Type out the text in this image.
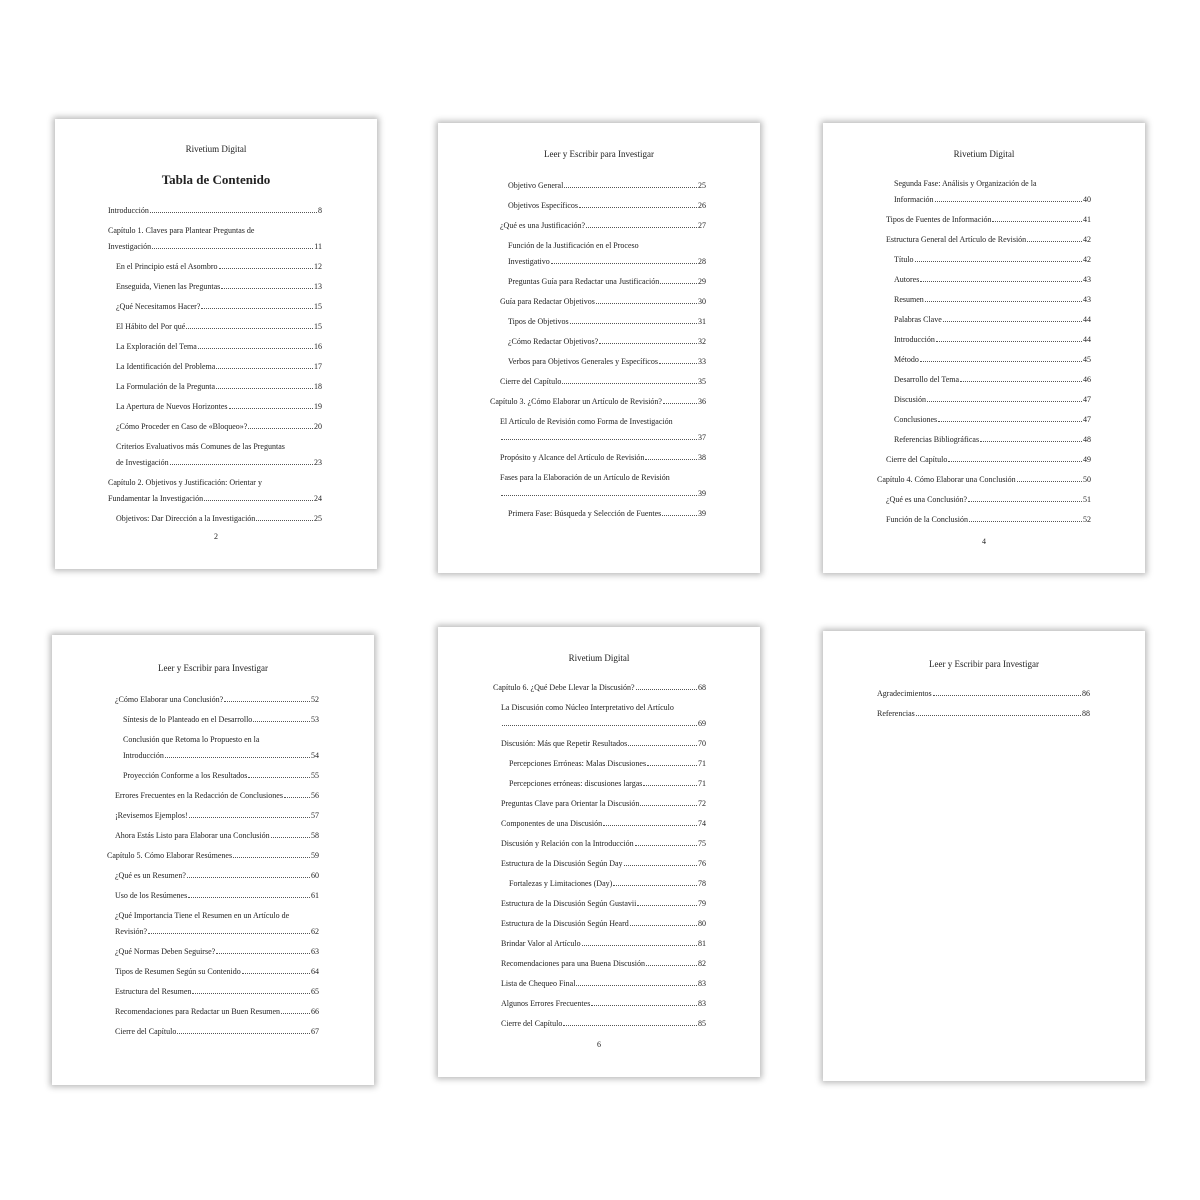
Rivetium Digital
Tabla de Contenido
Introducción	8
Capítulo 1. Claves para Plantear Preguntas de
Investigación	11
En el Principio está el Asombro	12
Enseguida, Vienen las Preguntas	13
¿Qué Necesitamos Hacer?	15
El Hábito del Por qué	15
La Exploración del Tema	16
La Identificación del Problema	17
La Formulación de la Pregunta	18
La Apertura de Nuevos Horizontes	19
¿Cómo Proceder en Caso de «Bloqueo»?	20
Criterios Evaluativos más Comunes de las Preguntas
de Investigación	23
Capítulo 2. Objetivos y Justificación: Orientar y
Fundamentar la Investigación	24
Objetivos: Dar Dirección a la Investigación	25
2
Leer y Escribir para Investigar
Objetivo General	25
Objetivos Específicos	26
¿Qué es una Justificación?	27
Función de la Justificación en el Proceso
Investigativo	28
Preguntas Guía para Redactar una Justificación	29
Guía para Redactar Objetivos	30
Tipos de Objetivos	31
¿Cómo Redactar Objetivos?	32
Verbos para Objetivos Generales y Específicos	33
Cierre del Capítulo	35
Capítulo 3. ¿Cómo Elaborar un Artículo de Revisión?	36
El Artículo de Revisión como Forma de Investigación
37
Propósito y Alcance del Artículo de Revisión	38
Fases para la Elaboración de un Artículo de Revisión
39
Primera Fase: Búsqueda y Selección de Fuentes	39
Rivetium Digital
Segunda Fase: Análisis y Organización de la
Información	40
Tipos de Fuentes de Información	41
Estructura General del Artículo de Revisión	42
Título	42
Autores	43
Resumen	43
Palabras Clave	44
Introducción	44
Método	45
Desarrollo del Tema	46
Discusión	47
Conclusiones	47
Referencias Bibliográficas	48
Cierre del Capítulo	49
Capítulo 4. Cómo Elaborar una Conclusión	50
¿Qué es una Conclusión?	51
Función de la Conclusión	52
4
Leer y Escribir para Investigar
¿Cómo Elaborar una Conclusión?	52
Síntesis de lo Planteado en el Desarrollo	53
Conclusión que Retoma lo Propuesto en la
Introducción	54
Proyección Conforme a los Resultados	55
Errores Frecuentes en la Redacción de Conclusiones	56
¡Revisemos Ejemplos!	57
Ahora Estás Listo para Elaborar una Conclusión	58
Capítulo 5. Cómo Elaborar Resúmenes	59
¿Qué es un Resumen?	60
Uso de los Resúmenes	61
¿Qué Importancia Tiene el Resumen en un Artículo de
Revisión?	62
¿Qué Normas Deben Seguirse?	63
Tipos de Resumen Según su Contenido	64
Estructura del Resumen	65
Recomendaciones para Redactar un Buen Resumen	66
Cierre del Capítulo	67
Rivetium Digital
Capítulo 6. ¿Qué Debe Llevar la Discusión?	68
La Discusión como Núcleo Interpretativo del Artículo
69
Discusión: Más que Repetir Resultados	70
Percepciones Erróneas: Malas Discusiones	71
Percepciones erróneas: discusiones largas	71
Preguntas Clave para Orientar la Discusión	72
Componentes de una Discusión	74
Discusión y Relación con la Introducción	75
Estructura de la Discusión Según Day	76
Fortalezas y Limitaciones (Day)	78
Estructura de la Discusión Según Gustavii	79
Estructura de la Discusión Según Heard	80
Brindar Valor al Artículo	81
Recomendaciones para una Buena Discusión	82
Lista de Chequeo Final	83
Algunos Errores Frecuentes	83
Cierre del Capítulo	85
6
Leer y Escribir para Investigar
Agradecimientos	86
Referencias	88
